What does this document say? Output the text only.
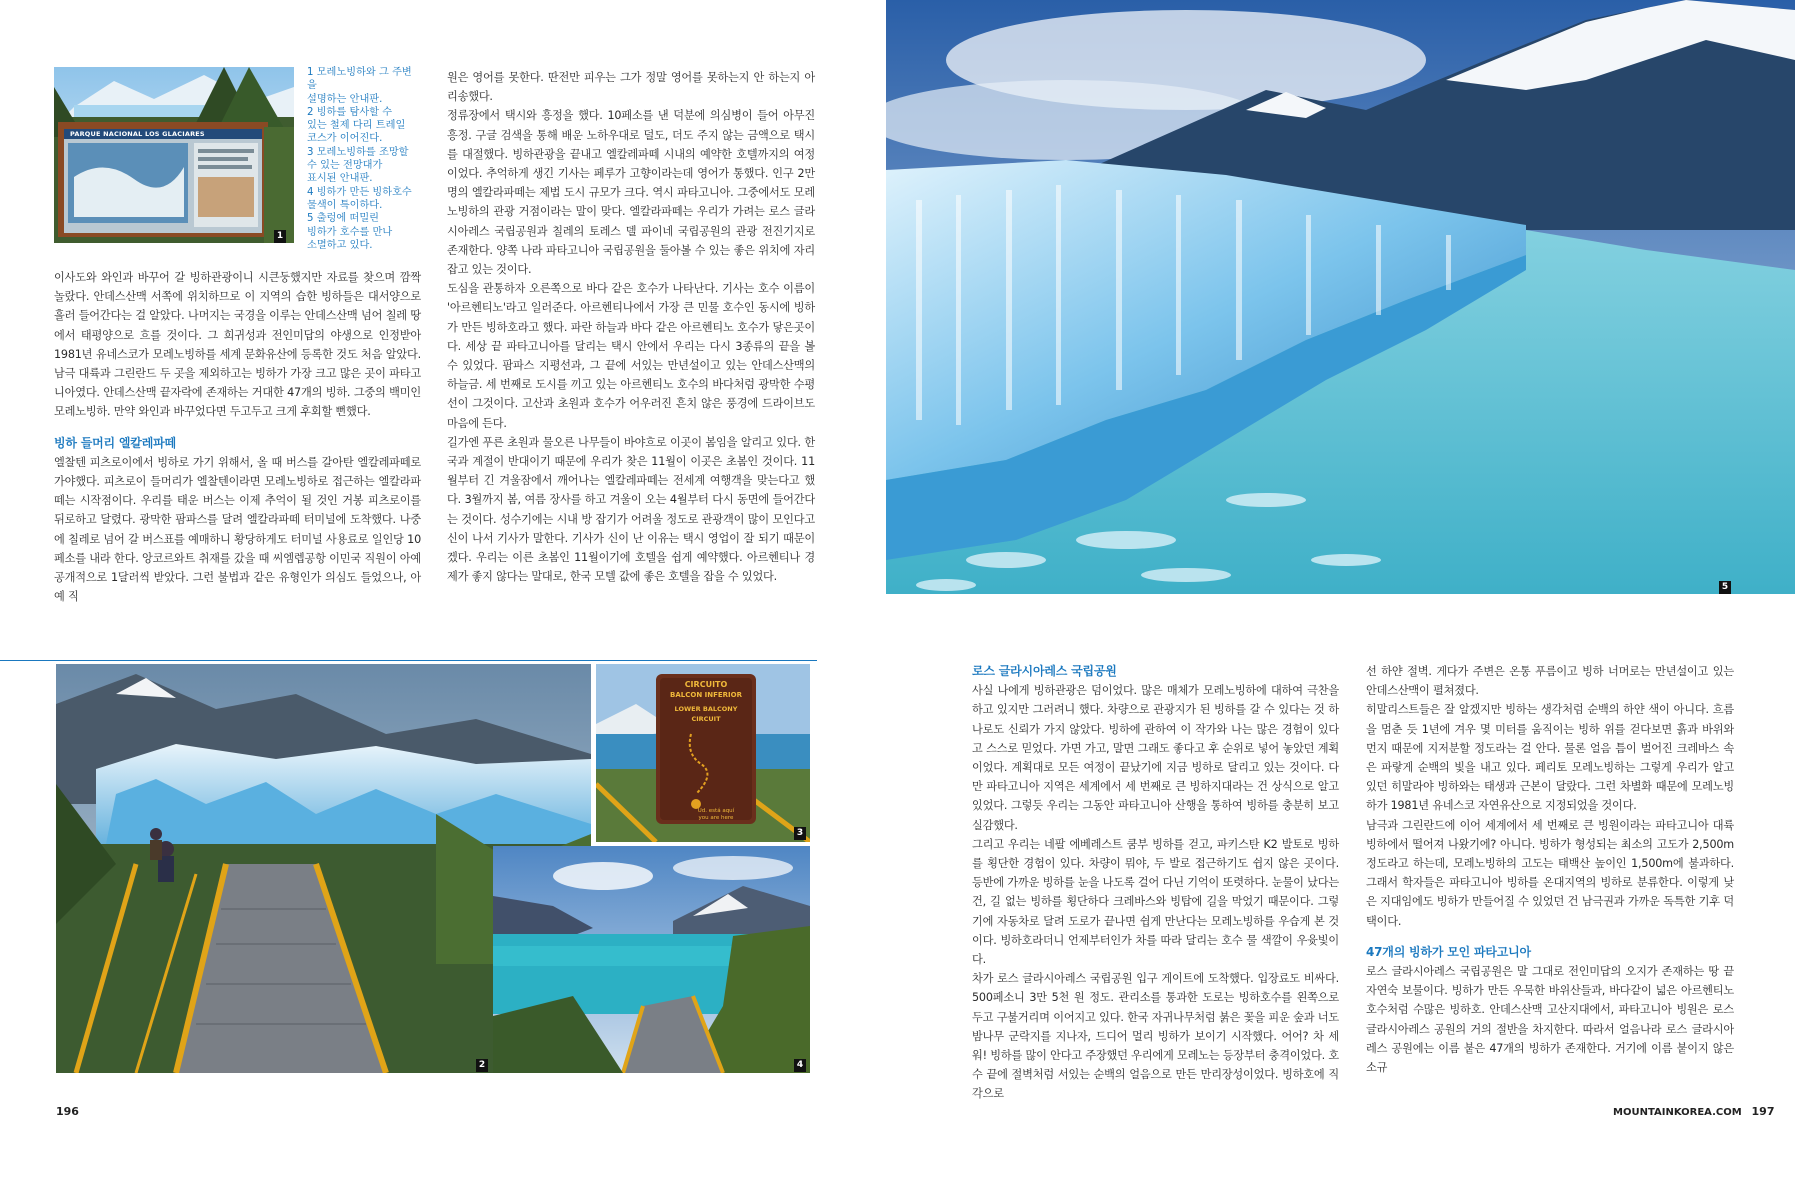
PARQUE NACIONAL LOS GLACIARES
1
1 모레노빙하와 그 주변을
설명하는 안내판.
2 빙하를 탐사할 수
있는 철제 다리 트레일
코스가 이어진다.
3 모레노빙하를 조망할
수 있는 전망대가
표시된 안내판.
4 빙하가 만든 빙하호수
물색이 특이하다.
5 출렁에 떠밀린
빙하가 호수를 만나
소멸하고 있다.

이사도와 와인과 바꾸어 갈 빙하관광이니 시큰둥했지만 자료를 찾으며 깜짝 놀랐다. 안데스산맥 서쪽에 위치하므로 이 지역의 습한 빙하들은 대서양으로 흘러 들어간다는 걸 알았다. 나머지는 국경을 이루는 안데스산맥 넘어 칠레 땅에서 태평양으로 흐를 것이다. 그 희귀성과 전인미답의 야생으로 인정받아 1981년 유네스코가 모레노빙하를 세계 문화유산에 등록한 것도 처음 알았다. 남극 대륙과 그린란드 두 곳을 제외하고는 빙하가 가장 크고 많은 곳이 파타고니아였다. 안데스산맥 끝자락에 존재하는 거대한 47개의 빙하. 그중의 백미인 모레노빙하. 만약 와인과 바꾸었다면 두고두고 크게 후회할 뻔했다.

빙하 들머리 엘칼레파떼

엘찰텐 피츠로이에서 빙하로 가기 위해서, 올 때 버스를 갈아탄 엘칼레파떼로 가야했다. 피츠로이 들머리가 엘찰텐이라면 모레노빙하로 접근하는 엘칼라파떼는 시작점이다. 우리를 태운 버스는 이제 추억이 될 것인 거봉 피츠로이를 뒤로하고 달렸다. 광막한 팜파스를 달려 엘칼라파떼 터미널에 도착했다. 나중에 칠레로 넘어 갈 버스표를 예매하니 황당하게도 터미널 사용료로 일인당 10페소를 내라 한다. 앙코르와트 취재를 갔을 때 씨엠렙공항 이민국 직원이 아예 공개적으로 1달러씩 받았다. 그런 불법과 같은 유형인가 의심도 들었으나, 아예 직

원은 영어를 못한다. 딴전만 피우는 그가 정말 영어를 못하는지 안 하는지 아리송했다.

정류장에서 택시와 흥정을 했다. 10페소를 낸 덕분에 의심병이 들어 아무진 흥정. 구글 검색을 통해 배운 노하우대로 덜도, 더도 주지 않는 금액으로 택시를 대절했다. 빙하관광을 끝내고 엘칼레파떼 시내의 예약한 호텔까지의 여정이었다. 추억하게 생긴 기사는 페루가 고향이라는데 영어가 통했다. 인구 2만 명의 엘칼라파떼는 제법 도시 규모가 크다. 역시 파타고니아. 그중에서도 모레노빙하의 관광 거점이라는 말이 맞다. 엘칼라파떼는 우리가 가려는 로스 글라시아레스 국립공원과 칠레의 토레스 델 파이네 국립공원의 관광 전진기지로 존재한다. 양쪽 나라 파타고니아 국립공원을 둘아볼 수 있는 좋은 위치에 자리 잡고 있는 것이다.

도심을 관통하자 오른쪽으로 바다 같은 호수가 나타난다. 기사는 호수 이름이 '아르헨티노'라고 일러준다. 아르헨티나에서 가장 큰 민물 호수인 동시에 빙하가 만든 빙하호라고 했다. 파란 하늘과 바다 같은 아르헨티노 호수가 닿은곳이다. 세상 끝 파타고니아를 달리는 택시 안에서 우리는 다시 3종류의 끝을 볼 수 있었다. 팜파스 지평선과, 그 끝에 서있는 만년설이고 있는 안데스산맥의 하늘금. 세 번째로 도시를 끼고 있는 아르헨티노 호수의 바다처럼 광막한 수평선이 그것이다. 고산과 초원과 호수가 어우러진 흔치 않은 풍경에 드라이브도 마음에 든다.

길가엔 푸른 초원과 물오른 나무들이 바야흐로 이곳이 봄임을 알리고 있다. 한국과 계절이 반대이기 때문에 우리가 찾은 11월이 이곳은 초봄인 것이다. 11월부터 긴 겨울잠에서 깨어나는 엘칼레파떼는 전세계 여행객을 맞는다고 했다. 3월까지 봄, 여름 장사를 하고 겨울이 오는 4월부터 다시 동면에 들어간다는 것이다. 성수기에는 시내 방 잡기가 어려울 정도로 관광객이 많이 모인다고 신이 나서 기사가 말한다. 기사가 신이 난 이유는 택시 영업이 잘 되기 때문이겠다. 우리는 이른 초봄인 11월이기에 호텔을 쉽게 예약했다. 아르헨티나 경제가 좋지 않다는 말대로, 한국 모텔 값에 좋은 호텔을 잡을 수 있었다.

2
CIRCUITO
BALCON INFERIOR
LOWER BALCONY
CIRCUIT
Ud. está aquí
you are here
3
4
196
5

로스 글라시아레스 국립공원

사실 나에게 빙하관광은 덤이었다. 많은 매체가 모레노빙하에 대하여 극찬을 하고 있지만 그러려니 했다. 차량으로 관광지가 된 빙하를 갈 수 있다는 것 하나로도 신뢰가 가지 않았다. 빙하에 관하여 이 작가와 나는 많은 경험이 있다고 스스로 믿었다. 가면 가고, 말면 그래도 좋다고 후 순위로 넣어 놓았던 계획이었다. 계획대로 모든 여정이 끝났기에 지금 빙하로 달리고 있는 것이다. 다만 파타고니아 지역은 세계에서 세 번째로 큰 빙하지대라는 건 상식으로 알고 있었다. 그렇듯 우리는 그동안 파타고니아 산행을 통하여 빙하를 충분히 보고 실감했다.

그리고 우리는 네팔 에베레스트 쿰부 빙하를 걷고, 파키스탄 K2 발토로 빙하를 횡단한 경험이 있다. 차량이 뭐야, 두 발로 접근하기도 쉽지 않은 곳이다. 등반에 가까운 빙하를 눈을 나도록 걸어 다닌 기억이 또렷하다. 눈물이 났다는 건, 길 없는 빙하를 횡단하다 크레바스와 빙탑에 길을 막었기 때문이다. 그렇기에 자동차로 달려 도로가 끝나면 쉽게 만난다는 모레노빙하를 우습게 본 것이다. 빙하호라더니 언제부터인가 차를 따라 달리는 호수 물 색깔이 우윳빛이다.

차가 로스 글라시아레스 국립공원 입구 게이트에 도착했다. 입장료도 비싸다. 500페소니 3만 5천 원 정도. 관리소를 통과한 도로는 빙하호수를 왼쪽으로 두고 구불거리며 이어지고 있다. 한국 자귀나무처럼 붉은 꽃을 피운 숲과 너도밤나무 군락지를 지나자, 드디어 멀리 빙하가 보이기 시작했다. 어어? 차 세워! 빙하를 많이 안다고 주장했던 우리에게 모레노는 등장부터 충격이었다. 호수 끝에 절벽처럼 서있는 순백의 얼음으로 만든 만리장성이었다. 빙하호에 직각으로

선 하얀 절벽. 게다가 주변은 온통 푸름이고 빙하 너머로는 만년설이고 있는 안데스산맥이 펼쳐졌다.

히말리스트들은 잘 알겠지만 빙하는 생각처럼 순백의 하얀 색이 아니다. 흐름을 멈춘 듯 1년에 겨우 몇 미터를 움직이는 빙하 위를 걷다보면 흙과 바위와 먼지 때문에 지저분할 정도라는 걸 안다. 물론 얼음 틈이 벌어진 크레바스 속은 파랗게 순백의 빛을 내고 있다. 페리토 모레노빙하는 그렇게 우리가 알고 있던 히말라야 빙하와는 태생과 근본이 달랐다. 그런 차별화 때문에 모레노빙하가 1981년 유네스코 자연유산으로 지정되었을 것이다.

남극과 그린란드에 이어 세계에서 세 번째로 큰 빙원이라는 파타고니아 대륙빙하에서 떨어져 나왔기에? 아니다. 빙하가 형성되는 최소의 고도가 2,500m 정도라고 하는데, 모레노빙하의 고도는 태백산 높이인 1,500m에 불과하다. 그래서 학자들은 파타고니아 빙하를 온대지역의 빙하로 분류한다. 이렇게 낮은 지대임에도 빙하가 만들어질 수 있었던 건 남극권과 가까운 독특한 기후 덕택이다.

47개의 빙하가 모인 파타고니아

로스 글라시아레스 국립공원은 말 그대로 전인미답의 오지가 존재하는 땅 끝자연숙 보물이다. 빙하가 만든 우묵한 바위산들과, 바다같이 넓은 아르헨티노 호수처럼 수많은 빙하호. 안데스산맥 고산지대에서, 파타고니아 빙원은 로스 글라시아레스 공원의 거의 절반을 차지한다. 따라서 얼음나라 로스 글라시아레스 공원에는 이름 붙은 47개의 빙하가 존재한다. 거기에 이름 붙이지 않은 소규

MOUNTAINKOREA.COM 197
